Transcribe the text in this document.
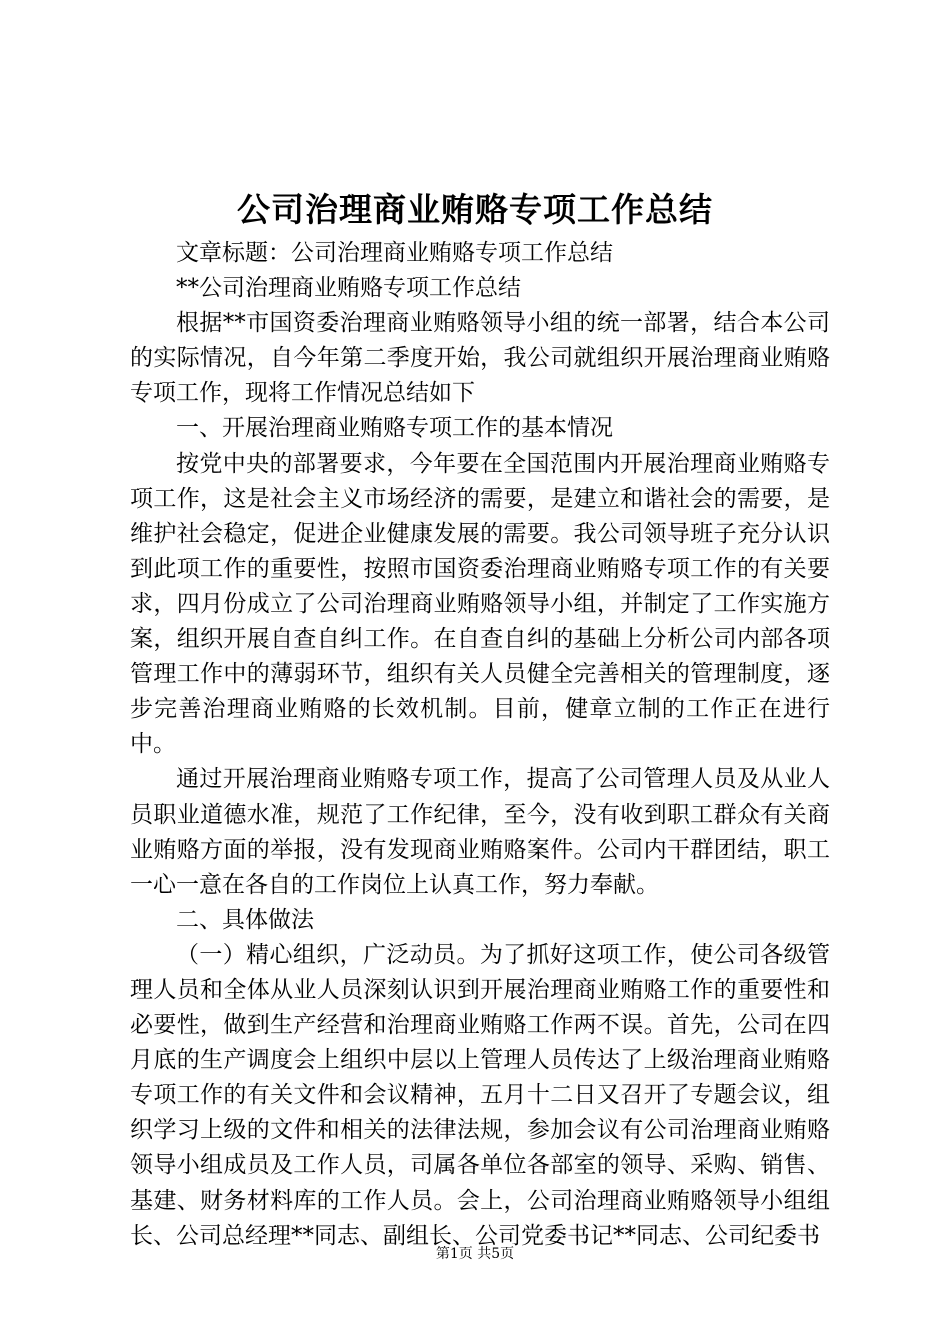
公司治理商业贿赂专项工作总结

文章标题：公司治理商业贿赂专项工作总结

**公司治理商业贿赂专项工作总结

根据**市国资委治理商业贿赂领导小组的统一部署，结合本公司的实际情况，自今年第二季度开始，我公司就组织开展治理商业贿赂专项工作，现将工作情况总结如下

一、开展治理商业贿赂专项工作的基本情况

按党中央的部署要求，今年要在全国范围内开展治理商业贿赂专项工作，这是社会主义市场经济的需要，是建立和谐社会的需要，是维护社会稳定，促进企业健康发展的需要。我公司领导班子充分认识到此项工作的重要性，按照市国资委治理商业贿赂专项工作的有关要求，四月份成立了公司治理商业贿赂领导小组，并制定了工作实施方案，组织开展自查自纠工作。在自查自纠的基础上分析公司内部各项管理工作中的薄弱环节，组织有关人员健全完善相关的管理制度，逐步完善治理商业贿赂的长效机制。目前，健章立制的工作正在进行中。

通过开展治理商业贿赂专项工作，提高了公司管理人员及从业人员职业道德水准，规范了工作纪律，至今，没有收到职工群众有关商业贿赂方面的举报，没有发现商业贿赂案件。公司内干群团结，职工一心一意在各自的工作岗位上认真工作，努力奉献。

二、具体做法

（一）精心组织，广泛动员。为了抓好这项工作，使公司各级管理人员和全体从业人员深刻认识到开展治理商业贿赂工作的重要性和必要性，做到生产经营和治理商业贿赂工作两不误。首先，公司在四月底的生产调度会上组织中层以上管理人员传达了上级治理商业贿赂专项工作的有关文件和会议精神，五月十二日又召开了专题会议，组织学习上级的文件和相关的法律法规，参加会议有公司治理商业贿赂领导小组成员及工作人员，司属各单位各部室的领导、采购、销售、基建、财务材料库的工作人员。会上，公司治理商业贿赂领导小组组长、公司总经理**同志、副组长、公司党委书记**同志、公司纪委书

第1页 共5页
